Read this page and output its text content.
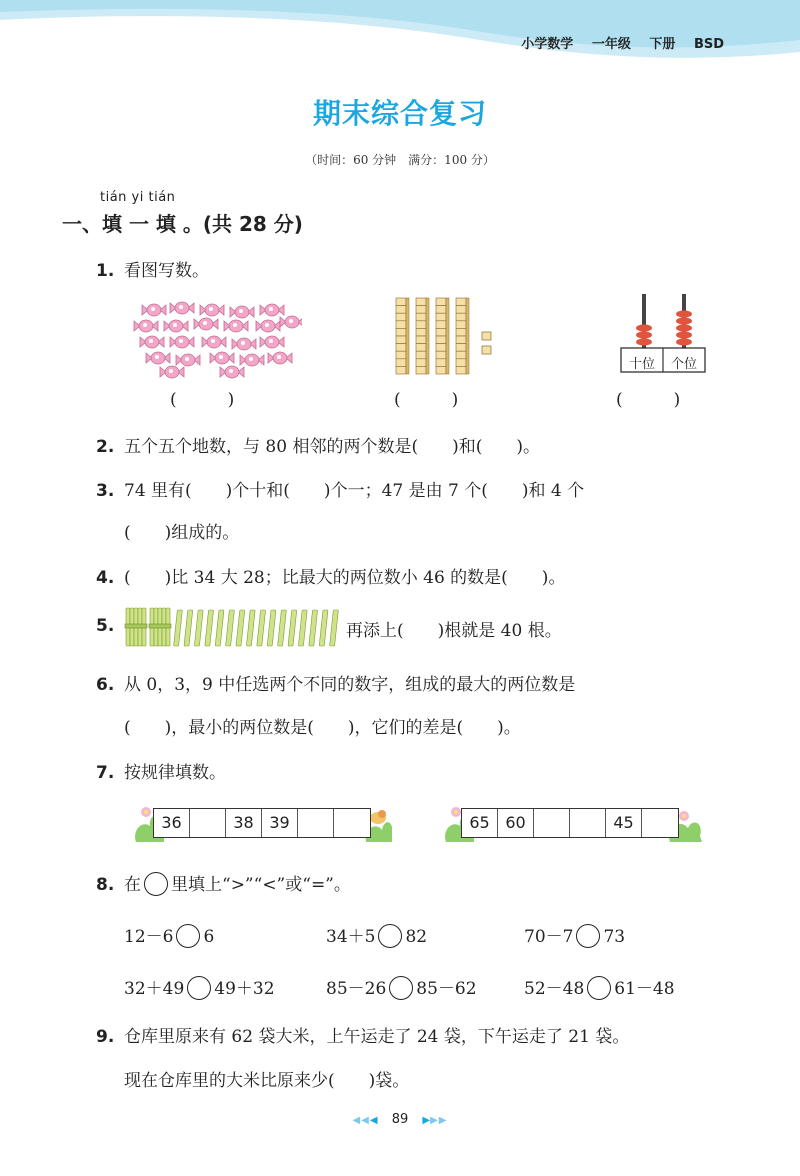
小学数学 一年级 下册 BSD
期末综合复习
（时间：60 分钟　满分：100 分）
tián yi tián
一、填 一 填 。(共 28 分)
1. 看图写数。
十位	个位
(　　　)	(　　　)	(　　　)
2. 五个五个地数，与 80 相邻的两个数是(　　)和(　　)。
3. 74 里有(　　)个十和(　　)个一；47 是由 7 个(　　)和 4 个
(　　)组成的。
4. (　　)比 34 大 28；比最大的两位数小 46 的数是(　　)。
5.	再添上(　　)根就是 40 根。
6. 从 0，3，9 中任选两个不同的数字，组成的最大的两位数是
(　　)，最小的两位数是(　　)，它们的差是(　　)。
7. 按规律填数。
36	38 39	65 60	45
8. 在 里填上“>”“<”或“=”。
12－6 6	34＋5 82	70－7 73
32＋49 49＋32	85－26 85－62	52－48 61－48
9. 仓库里原来有 62 袋大米，上午运走了 24 袋，下午运走了 21 袋。
现在仓库里的大米比原来少(　　)袋。
◀◀◀ 89 ▶▶▶
